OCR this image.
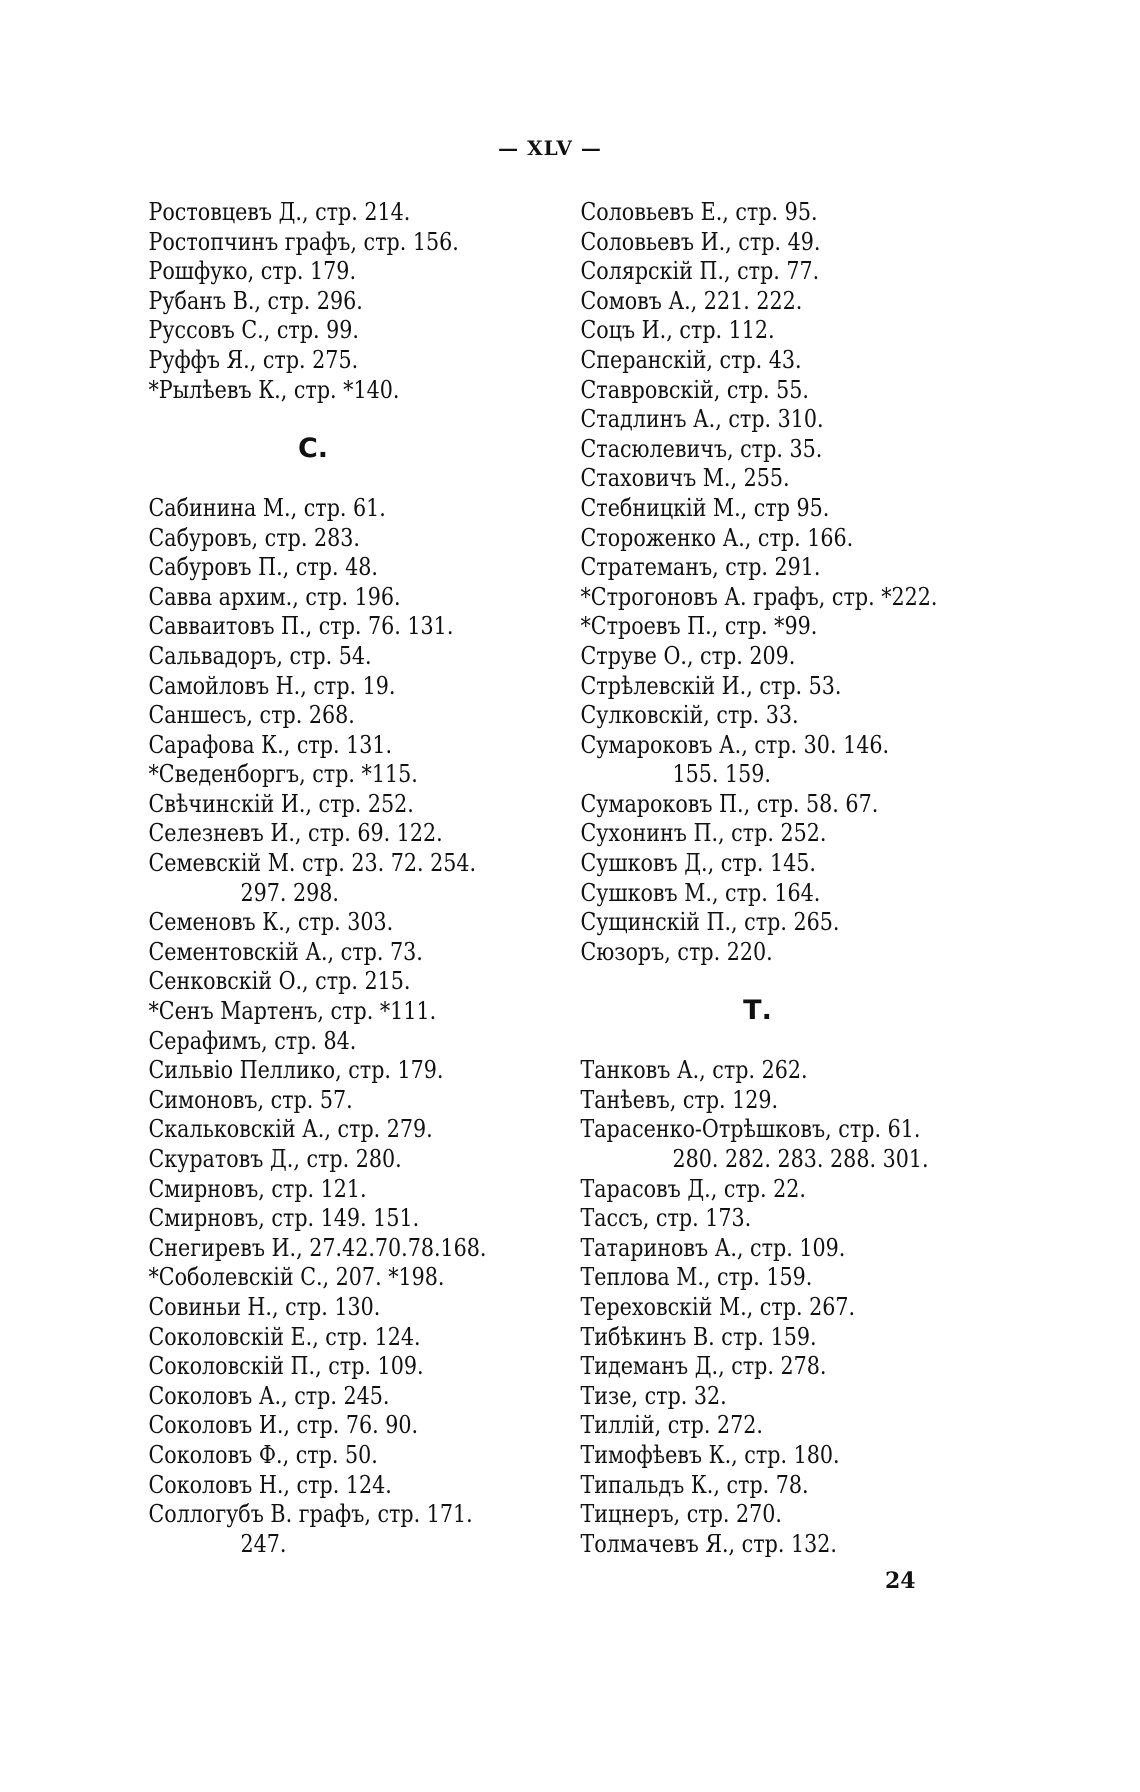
— XLV —
Ростовцевъ Д., стр. 214.
Ростопчинъ графъ, стр. 156.
Рошфуко, стр. 179.
Рубанъ В., стр. 296.
Руссовъ С., стр. 99.
Руффъ Я., стр. 275.
*Рылѣевъ К., стр. *140.
С.
Сабинина М., стр. 61.
Сабуровъ, стр. 283.
Сабуровъ П., стр. 48.
Савва архим., стр. 196.
Савваитовъ П., стр. 76. 131.
Сальвадоръ, стр. 54.
Самойловъ Н., стр. 19.
Саншесъ, стр. 268.
Сарафова К., стр. 131.
*Сведенборгъ, стр. *115.
Свѣчинскій И., стр. 252.
Селезневъ И., стр. 69. 122.
Семевскій М. стр. 23. 72. 254.
297. 298.
Семеновъ К., стр. 303.
Сементовскій А., стр. 73.
Сенковскій О., стр. 215.
*Сенъ Мартенъ, стр. *111.
Серафимъ, стр. 84.
Сильвіо Пеллико, стр. 179.
Симоновъ, стр. 57.
Скальковскій А., стр. 279.
Скуратовъ Д., стр. 280.
Смирновъ, стр. 121.
Смирновъ, стр. 149. 151.
Снегиревъ И., 27.42.70.78.168.
*Соболевскій С., 207. *198.
Совиньи Н., стр. 130.
Соколовскій Е., стр. 124.
Соколовскій П., стр. 109.
Соколовъ А., стр. 245.
Соколовъ И., стр. 76. 90.
Соколовъ Ф., стр. 50.
Соколовъ Н., стр. 124.
Соллогубъ В. графъ, стр. 171.
247.
Соловьевъ Е., стр. 95.
Соловьевъ И., стр. 49.
Солярскій П., стр. 77.
Сомовъ А., 221. 222.
Соцъ И., стр. 112.
Сперанскій, стр. 43.
Ставровскій, стр. 55.
Стадлинъ А., стр. 310.
Стасюлевичъ, стр. 35.
Стаховичъ М., 255.
Стебницкій М., стр 95.
Стороженко А., стр. 166.
Стратеманъ, стр. 291.
*Строгоновъ А. графъ, стр. *222.
*Строевъ П., стр. *99.
Струве О., стр. 209.
Стрѣлевскій И., стр. 53.
Сулковскій, стр. 33.
Сумароковъ А., стр. 30. 146.
155. 159.
Сумароковъ П., стр. 58. 67.
Сухонинъ П., стр. 252.
Сушковъ Д., стр. 145.
Сушковъ М., стр. 164.
Сущинскій П., стр. 265.
Сюзоръ, стр. 220.
Т.
Танковъ А., стр. 262.
Танѣевъ, стр. 129.
Тарасенко-Отрѣшковъ, стр. 61.
280. 282. 283. 288. 301.
Тарасовъ Д., стр. 22.
Тассъ, стр. 173.
Татариновъ А., стр. 109.
Теплова М., стр. 159.
Тереховскій М., стр. 267.
Тибѣкинъ В. стр. 159.
Тидеманъ Д., стр. 278.
Тизе, стр. 32.
Тиллій, стр. 272.
Тимофѣевъ К., стр. 180.
Типальдъ К., стр. 78.
Тицнеръ, стр. 270.
Толмачевъ Я., стр. 132.
24
